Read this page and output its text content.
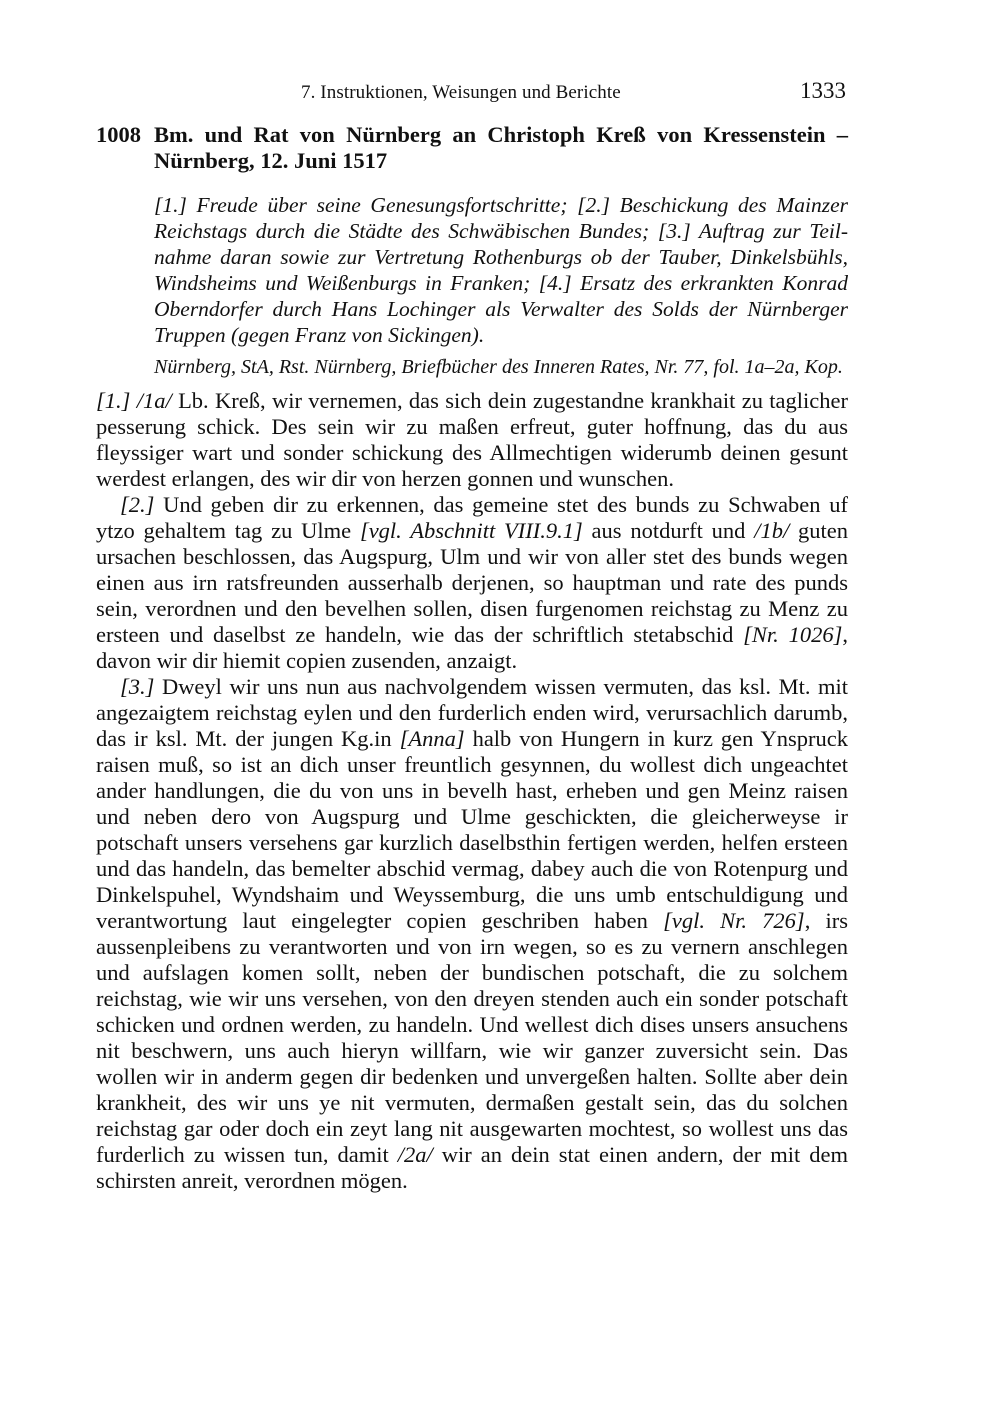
7. Instruktionen, Weisungen und Berichte	1333
1008 Bm. und Rat von Nürnberg an Christoph Kreß von Kressenstein – Nürnberg, 12. Juni 1517
[1.] Freude über seine Genesungsfortschritte; [2.] Beschickung des Mainzer Reichstags durch die Städte des Schwäbischen Bundes; [3.] Auftrag zur Teilnahme daran sowie zur Vertretung Rothenburgs ob der Tauber, Dinkelsbühls, Windsheims und Weißenburgs in Franken; [4.] Ersatz des erkrankten Konrad Oberndorfer durch Hans Lochinger als Verwalter des Solds der Nürnberger Truppen (gegen Franz von Sickingen).
Nürnberg, StA, Rst. Nürnberg, Briefbücher des Inneren Rates, Nr. 77, fol. 1a–2a, Kop.

[1.] /1a/ Lb. Kreß, wir vernemen, das sich dein zugestandne krankhait zu taglicher pesserung schick. Des sein wir zu maßen erfreut, guter hoffnung, das du aus fleyssiger wart und sonder schickung des Allmechtigen widerumb deinen gesunt werdest erlangen, des wir dir von herzen gonnen und wunschen.

[2.] Und geben dir zu erkennen, das gemeine stet des bunds zu Schwaben uf ytzo gehaltem tag zu Ulme [vgl. Abschnitt VIII.9.1] aus notdurft und /1b/ guten ursachen beschlossen, das Augspurg, Ulm und wir von aller stet des bunds wegen einen aus irn ratsfreunden ausserhalb derjenen, so hauptman und rate des punds sein, verordnen und den bevelhen sollen, disen furgenomen reichstag zu Menz zu ersteen und daselbst ze handeln, wie das der schriftlich stetabschid [Nr. 1026], davon wir dir hiemit copien zusenden, anzaigt.

[3.] Dweyl wir uns nun aus nachvolgendem wissen vermuten, das ksl. Mt. mit angezaigtem reichstag eylen und den furderlich enden wird, verursachlich darumb, das ir ksl. Mt. der jungen Kg.in [Anna] halb von Hungern in kurz gen Ynspruck raisen muß, so ist an dich unser freuntlich gesynnen, du wollest dich ungeachtet ander handlungen, die du von uns in bevelh hast, erheben und gen Meinz raisen und neben dero von Augspurg und Ulme geschickten, die gleicherweyse ir potschaft unsers versehens gar kurzlich daselbsthin fertigen werden, helfen ersteen und das handeln, das bemelter abschid vermag, dabey auch die von Rotenpurg und Dinkelspuhel, Wyndshaim und Weyssemburg, die uns umb entschuldigung und verantwortung laut eingelegter copien geschriben haben [vgl. Nr. 726], irs aussenpleibens zu verantworten und von irn wegen, so es zu vernern anschlegen und aufslagen komen sollt, neben der bundischen potschaft, die zu solchem reichstag, wie wir uns versehen, von den dreyen stenden auch ein sonder potschaft schicken und ordnen werden, zu handeln. Und wellest dich dises unsers ansuchens nit beschwern, uns auch hieryn willfarn, wie wir ganzer zuversicht sein. Das wollen wir in anderm gegen dir bedenken und unvergeßen halten. Sollte aber dein krankheit, des wir uns ye nit vermuten, dermaßen gestalt sein, das du solchen reichstag gar oder doch ein zeyt lang nit ausgewarten mochtest, so wollest uns das furderlich zu wissen tun, damit /2a/ wir an dein stat einen andern, der mit dem schirsten anreit, verordnen mögen.
